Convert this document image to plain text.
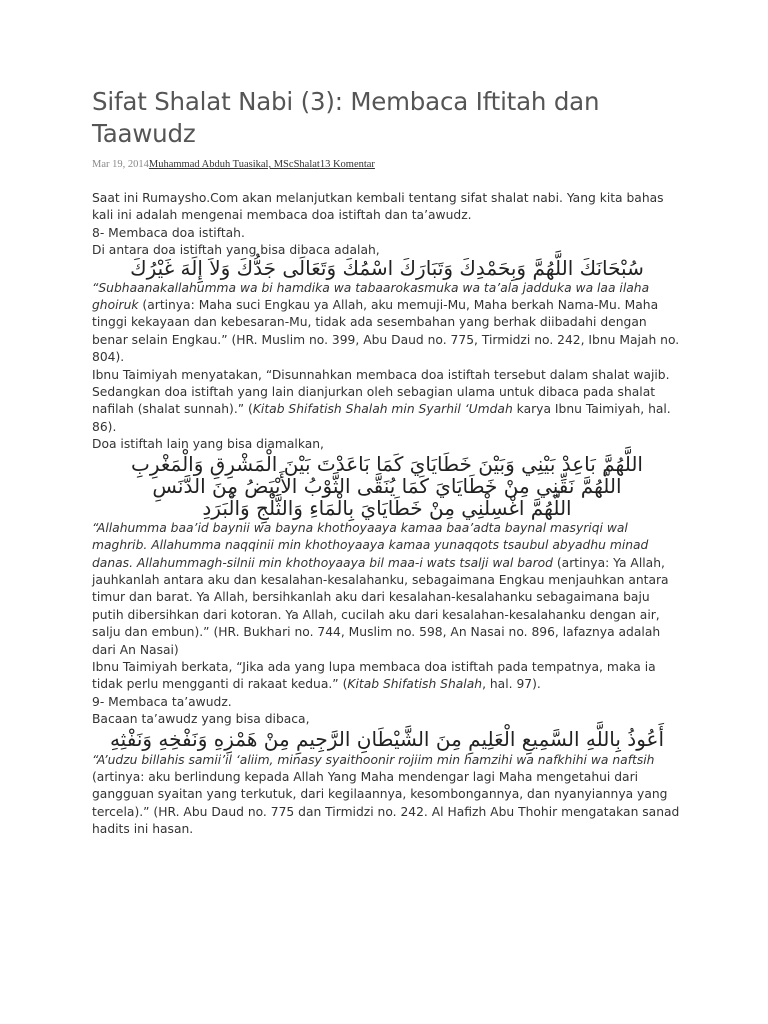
Sifat Shalat Nabi (3): Membaca Iftitah dan Taawudz
Mar 19, 2014Muhammad Abduh Tuasikal, MScShalat13 Komentar

Saat ini Rumaysho.Com akan melanjutkan kembali tentang sifat shalat nabi. Yang kita bahas kali ini adalah mengenai membaca doa istiftah dan ta’awudz.

8- Membaca doa istiftah.

Di antara doa istiftah yang bisa dibaca adalah,

سُبْحَانَكَ اللَّهُمَّ وَبِحَمْدِكَ وَتَبَارَكَ اسْمُكَ وَتَعَالَى جَدُّكَ وَلاَ إِلَهَ غَيْرُكَ

“Subhaanakallahumma wa bi hamdika wa tabaarokasmuka wa ta’ala jadduka wa laa ilaha ghoiruk (artinya: Maha suci Engkau ya Allah, aku memuji-Mu, Maha berkah Nama-Mu. Maha tinggi kekayaan dan kebesaran-Mu, tidak ada sesembahan yang berhak diibadahi dengan benar selain Engkau.” (HR. Muslim no. 399, Abu Daud no. 775, Tirmidzi no. 242, Ibnu Majah no. 804).

Ibnu Taimiyah menyatakan, “Disunnahkan membaca doa istiftah tersebut dalam shalat wajib. Sedangkan doa istiftah yang lain dianjurkan oleh sebagian ulama untuk dibaca pada shalat nafilah (shalat sunnah).” (Kitab Shifatish Shalah min Syarhil ‘Umdah karya Ibnu Taimiyah, hal. 86).

Doa istiftah lain yang bisa diamalkan,

اللَّهُمَّ بَاعِدْ بَيْنِي وَبَيْنَ خَطَايَايَ كَمَا بَاعَدْتَ بَيْنَ الْمَشْرِقِ وَالْمَغْرِبِ

اللَّهُمَّ نَقِّنِي مِنْ خَطَايَايَ كَمَا يُنَقَّى الثَّوْبُ الأَبْيَضُ مِنَ الدَّنَسِ

اللَّهُمَّ اغْسِلْنِي مِنْ خَطَايَايَ بِالْمَاءِ وَالثَّلْجِ وَالْبَرَدِ

“Allahumma baa’id baynii wa bayna khothoyaaya kamaa baa’adta baynal masyriqi wal maghrib. Allahumma naqqinii min khothoyaaya kamaa yunaqqots tsaubul abyadhu minad danas. Allahummagh-silnii min khothoyaaya bil maa-i wats tsalji wal barod (artinya: Ya Allah, jauhkanlah antara aku dan kesalahan-kesalahanku, sebagaimana Engkau menjauhkan antara timur dan barat. Ya Allah, bersihkanlah aku dari kesalahan-kesalahanku sebagaimana baju putih dibersihkan dari kotoran. Ya Allah, cucilah aku dari kesalahan-kesalahanku dengan air, salju dan embun).” (HR. Bukhari no. 744, Muslim no. 598, An Nasai no. 896, lafaznya adalah dari An Nasai)

Ibnu Taimiyah berkata, “Jika ada yang lupa membaca doa istiftah pada tempatnya, maka ia tidak perlu mengganti di rakaat kedua.” (Kitab Shifatish Shalah, hal. 97).

9- Membaca ta’awudz.

Bacaan ta’awudz yang bisa dibaca,

أَعُوذُ بِاللَّهِ السَّمِيعِ الْعَلِيمِ مِنَ الشَّيْطَانِ الرَّجِيمِ مِنْ هَمْزِهِ وَنَفْخِهِ وَنَفْثِهِ

“A’udzu billahis samii’il ‘aliim, minasy syaithoonir rojiim min hamzihi wa nafkhihi wa naftsih (artinya: aku berlindung kepada Allah Yang Maha mendengar lagi Maha mengetahui dari gangguan syaitan yang terkutuk, dari kegilaannya, kesombongannya, dan nyanyiannya yang tercela).” (HR. Abu Daud no. 775 dan Tirmidzi no. 242. Al Hafizh Abu Thohir mengatakan sanad hadits ini hasan.
